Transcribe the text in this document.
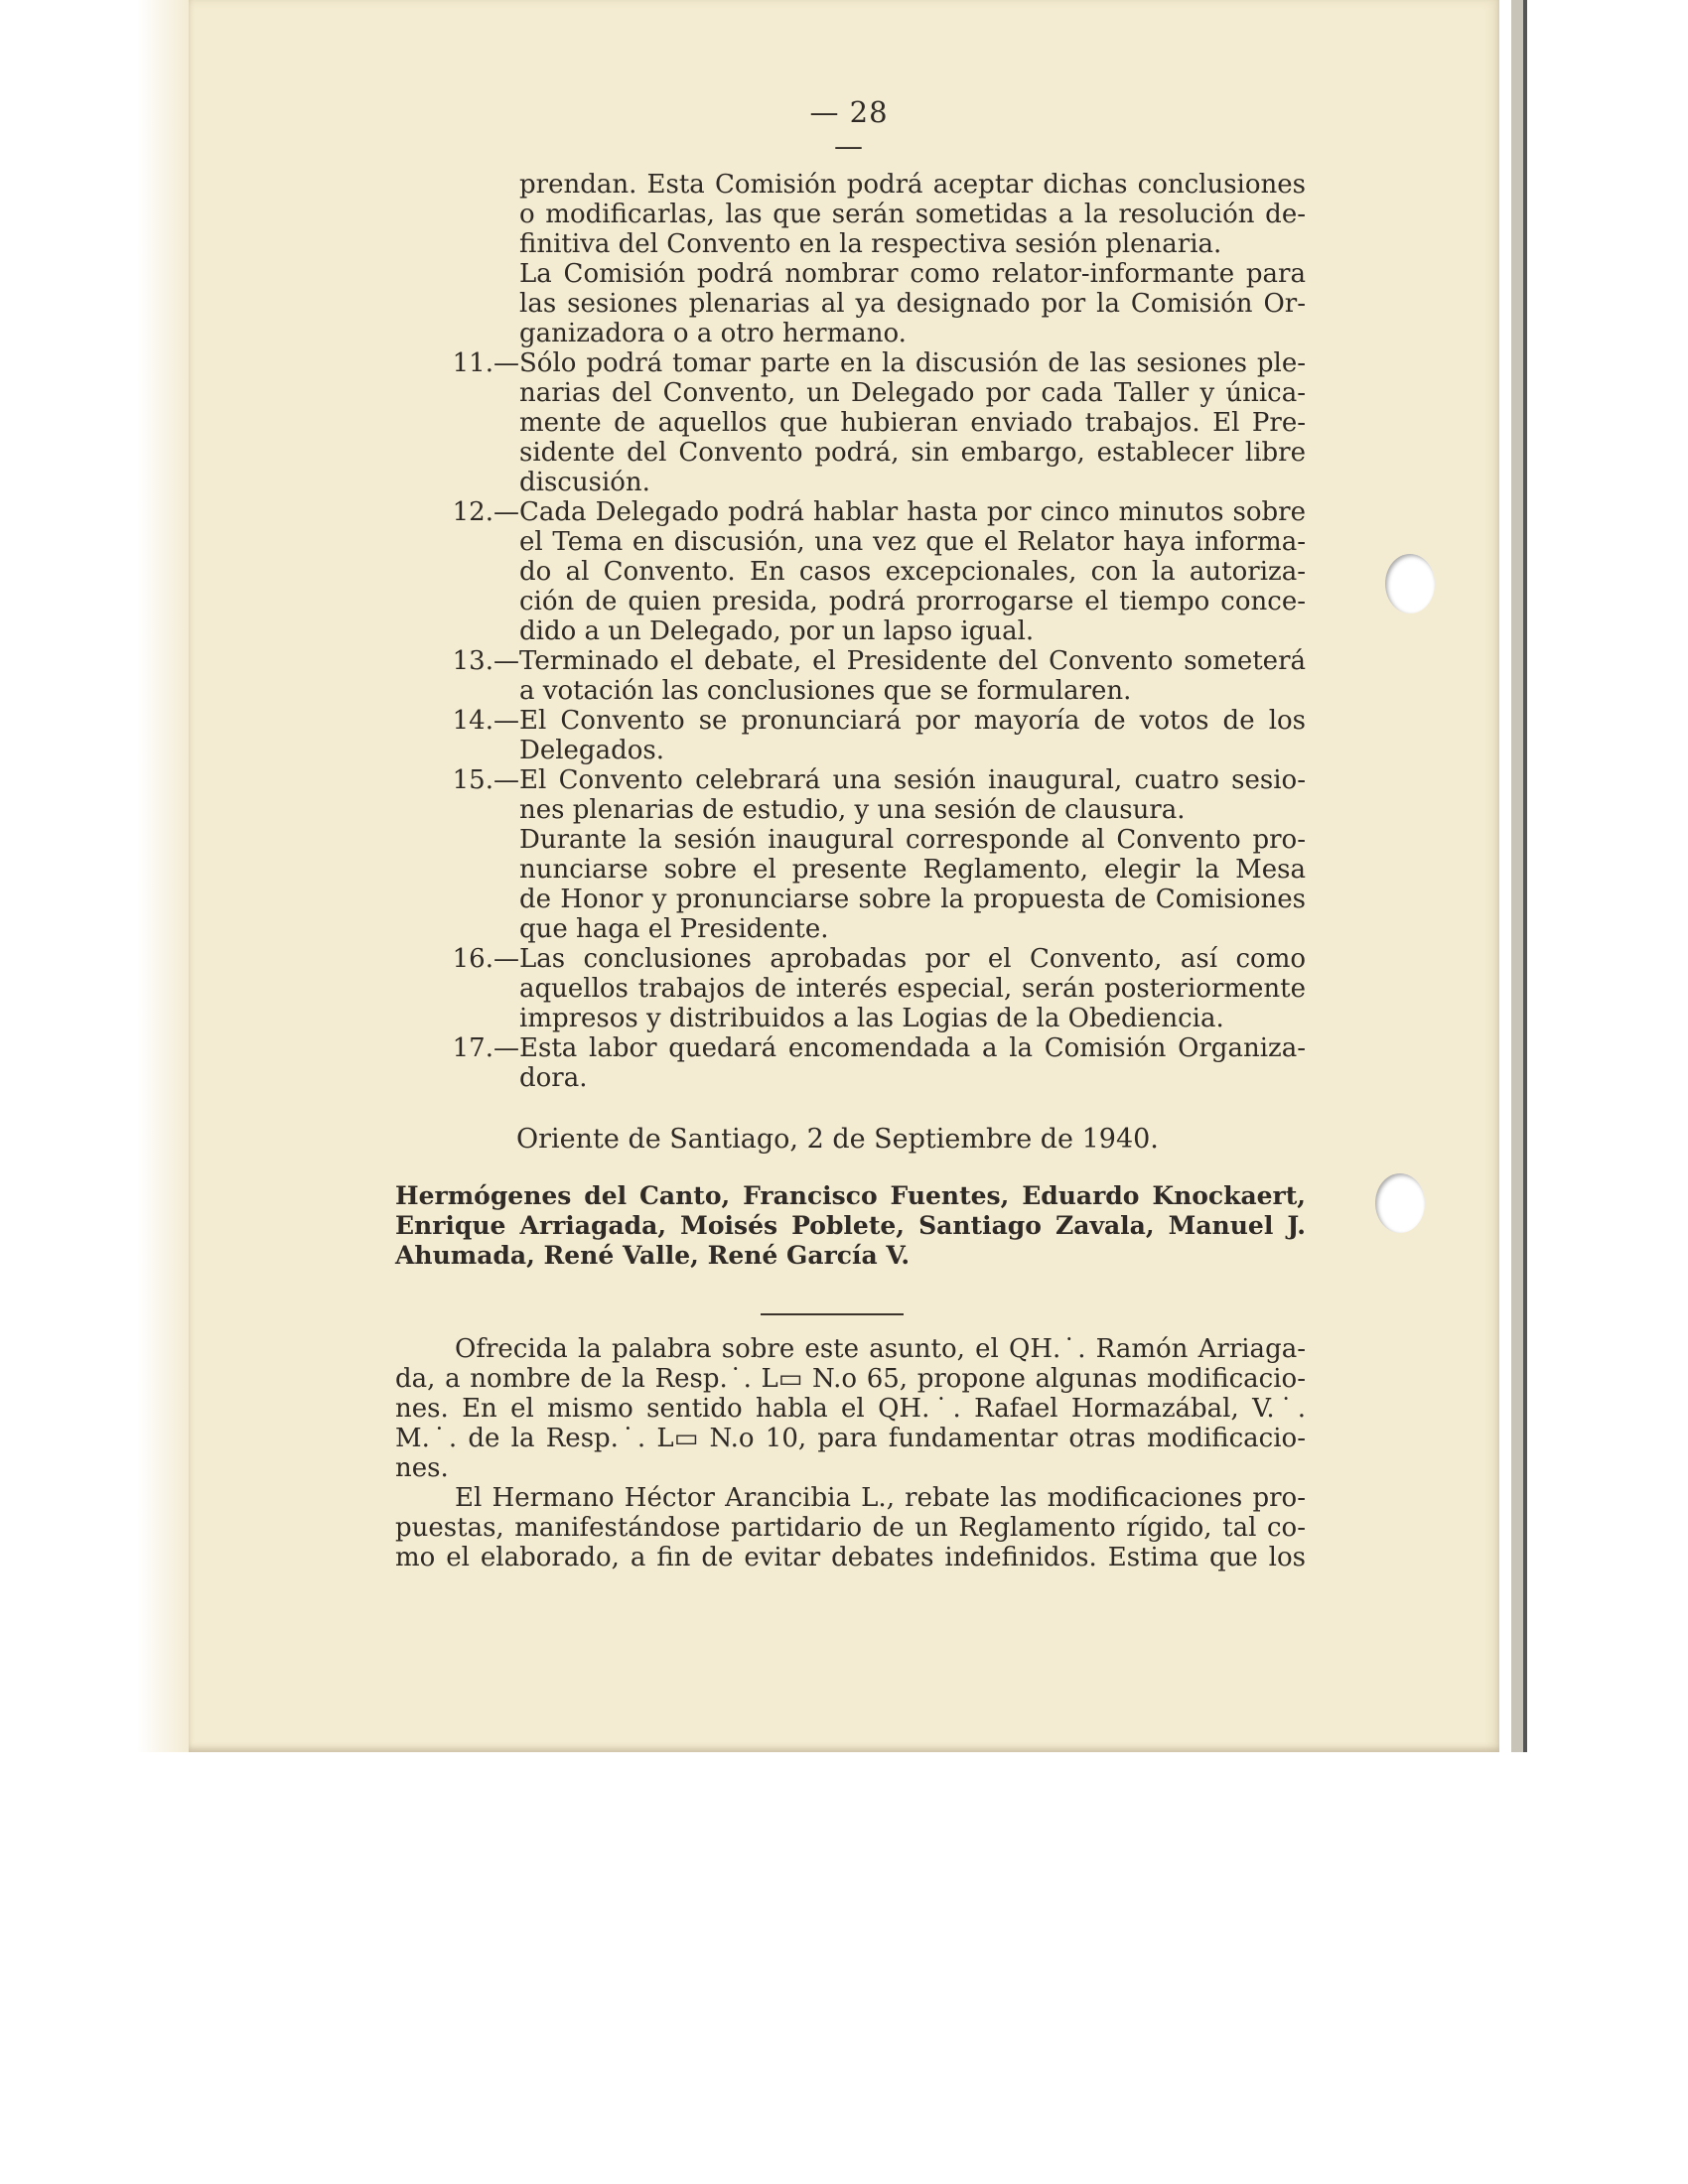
— 28 —
prendan. Esta Comisión podrá aceptar dichas conclusiones
o modificarlas, las que serán sometidas a la resolución de-
finitiva del Convento en la respectiva sesión plenaria.
La Comisión podrá nombrar como relator-informante para
las sesiones plenarias al ya designado por la Comisión Or-
ganizadora o a otro hermano.
11.— Sólo podrá tomar parte en la discusión de las sesiones ple-
narias del Convento, un Delegado por cada Taller y única-
mente de aquellos que hubieran enviado trabajos. El Pre-
sidente del Convento podrá, sin embargo, establecer libre
discusión.
12.— Cada Delegado podrá hablar hasta por cinco minutos sobre
el Tema en discusión, una vez que el Relator haya informa-
do al Convento. En casos excepcionales, con la autoriza-
ción de quien presida, podrá prorrogarse el tiempo conce-
dido a un Delegado, por un lapso igual.
13.— Terminado el debate, el Presidente del Convento someterá
a votación las conclusiones que se formularen.
14.— El Convento se pronunciará por mayoría de votos de los
Delegados.
15.— El Convento celebrará una sesión inaugural, cuatro sesio-
nes plenarias de estudio, y una sesión de clausura.
Durante la sesión inaugural corresponde al Convento pro-
nunciarse sobre el presente Reglamento, elegir la Mesa
de Honor y pronunciarse sobre la propuesta de Comisiones
que haga el Presidente.
16.— Las conclusiones aprobadas por el Convento, así como
aquellos trabajos de interés especial, serán posteriormente
impresos y distribuidos a las Logias de la Obediencia.
17.— Esta labor quedará encomendada a la Comisión Organiza-
dora.
Oriente de Santiago, 2 de Septiembre de 1940.
Hermógenes del Canto, Francisco Fuentes, Eduardo Knockaert,
Enrique Arriagada, Moisés Poblete, Santiago Zavala, Manuel J.
Ahumada, René Valle, René García V.
Ofrecida la palabra sobre este asunto, el QH.˙. Ramón Arriaga-
da, a nombre de la Resp.˙. L▭ N.o 65, propone algunas modificacio-
nes. En el mismo sentido habla el QH.˙. Rafael Hormazábal, V.˙.
M.˙. de la Resp.˙. L▭ N.o 10, para fundamentar otras modificacio-
nes.
El Hermano Héctor Arancibia L., rebate las modificaciones pro-
puestas, manifestándose partidario de un Reglamento rígido, tal co-
mo el elaborado, a fin de evitar debates indefinidos. Estima que los
